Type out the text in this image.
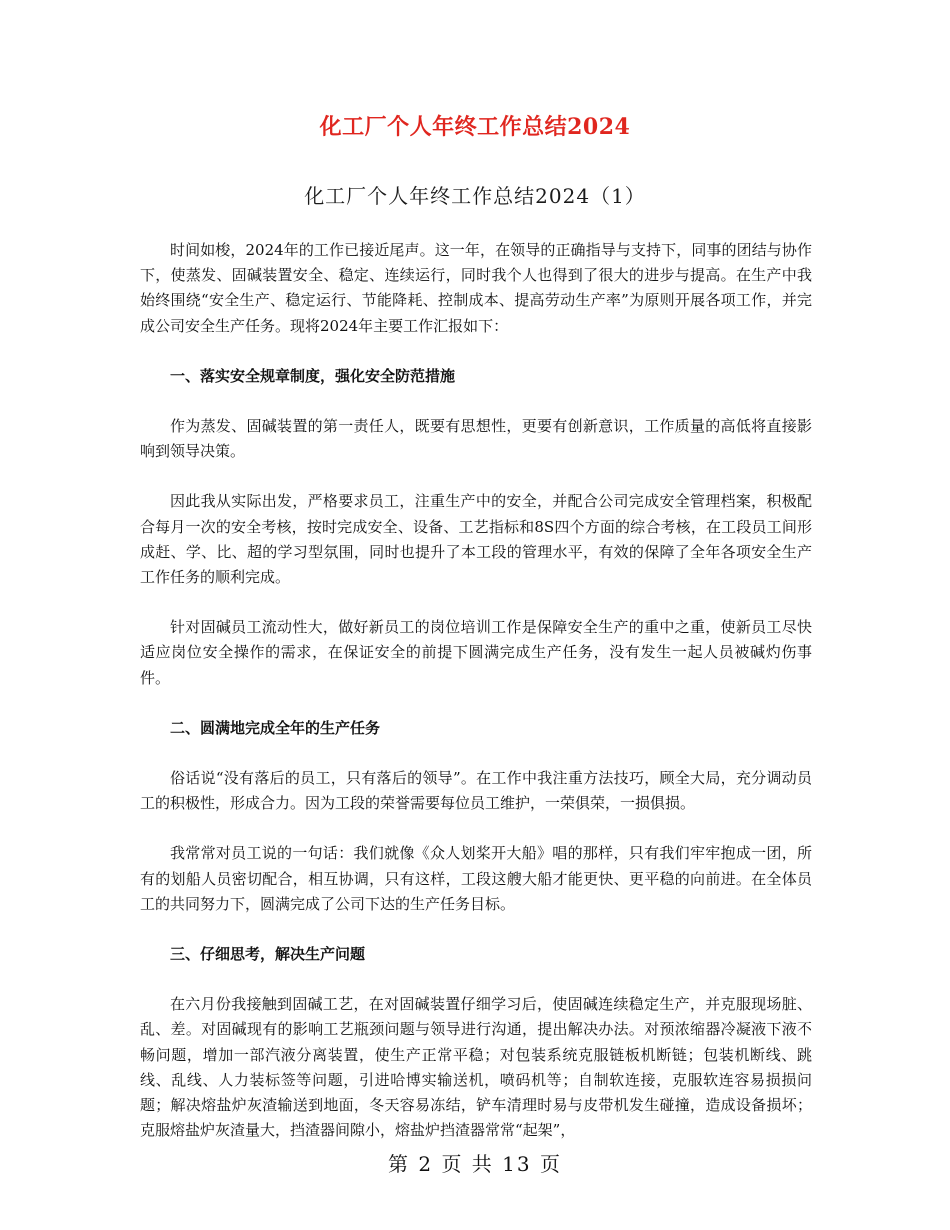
化工厂个人年终工作总结2024
化工厂个人年终工作总结2024（1）

时间如梭，2024年的工作已接近尾声。这一年，在领导的正确指导与支持下，同事的团结与协作下，使蒸发、固碱装置安全、稳定、连续运行，同时我个人也得到了很大的进步与提高。在生产中我始终围绕“安全生产、稳定运行、节能降耗、控制成本、提高劳动生产率”为原则开展各项工作，并完成公司安全生产任务。现将2024年主要工作汇报如下：

一、落实安全规章制度，强化安全防范措施

作为蒸发、固碱装置的第一责任人，既要有思想性，更要有创新意识，工作质量的高低将直接影响到领导决策。

因此我从实际出发，严格要求员工，注重生产中的安全，并配合公司完成安全管理档案，积极配合每月一次的安全考核，按时完成安全、设备、工艺指标和8S四个方面的综合考核，在工段员工间形成赶、学、比、超的学习型氛围，同时也提升了本工段的管理水平，有效的保障了全年各项安全生产工作任务的顺利完成。

针对固碱员工流动性大，做好新员工的岗位培训工作是保障安全生产的重中之重，使新员工尽快适应岗位安全操作的需求，在保证安全的前提下圆满完成生产任务，没有发生一起人员被碱灼伤事件。

二、圆满地完成全年的生产任务

俗话说“没有落后的员工，只有落后的领导”。在工作中我注重方法技巧，顾全大局，充分调动员工的积极性，形成合力。因为工段的荣誉需要每位员工维护，一荣俱荣，一损俱损。

我常常对员工说的一句话：我们就像《众人划桨开大船》唱的那样，只有我们牢牢抱成一团，所有的划船人员密切配合，相互协调，只有这样，工段这艘大船才能更快、更平稳的向前进。在全体员工的共同努力下，圆满完成了公司下达的生产任务目标。

三、仔细思考，解决生产问题

在六月份我接触到固碱工艺，在对固碱装置仔细学习后，使固碱连续稳定生产，并克服现场脏、乱、差。对固碱现有的影响工艺瓶颈问题与领导进行沟通，提出解决办法。对预浓缩器冷凝液下液不畅问题，增加一部汽液分离装置，使生产正常平稳；对包装系统克服链板机断链；包装机断线、跳线、乱线、人力装标签等问题，引进哈博实输送机，喷码机等；自制软连接，克服软连容易损损问题；解决熔盐炉灰渣输送到地面，冬天容易冻结，铲车清理时易与皮带机发生碰撞，造成设备损坏；克服熔盐炉灰渣量大，挡渣器间隙小，熔盐炉挡渣器常常“起架”，

第 2 页 共 13 页
